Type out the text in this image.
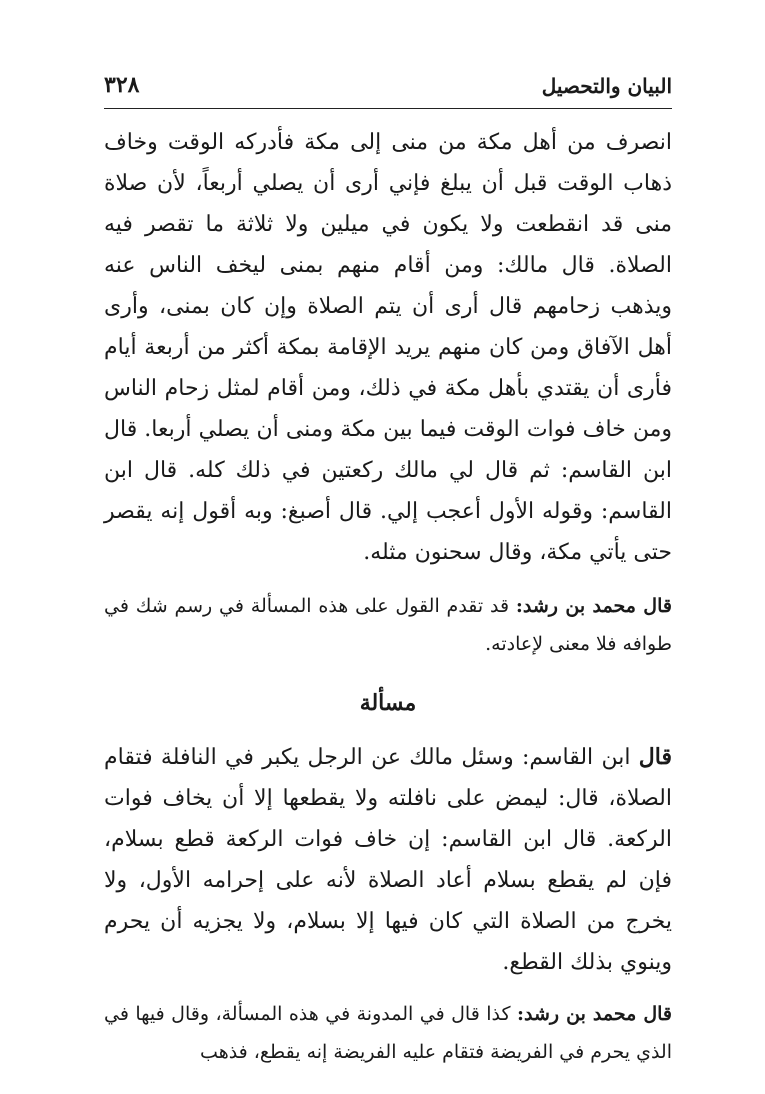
البيان والتحصيل
٣٢٨

انصرف من أهل مكة من منى إلى مكة فأدركه الوقت وخاف ذهاب الوقت قبل أن يبلغ فإني أرى أن يصلي أربعاً، لأن صلاة منى قد انقطعت ولا يكون في ميلين ولا ثلاثة ما تقصر فيه الصلاة. قال مالك: ومن أقام منهم بمنى ليخف الناس عنه ويذهب زحامهم قال أرى أن يتم الصلاة وإن كان بمنى، وأرى أهل الآفاق ومن كان منهم يريد الإقامة بمكة أكثر من أربعة أيام فأرى أن يقتدي بأهل مكة في ذلك، ومن أقام لمثل زحام الناس ومن خاف فوات الوقت فيما بين مكة ومنى أن يصلي أربعا. قال ابن القاسم: ثم قال لي مالك ركعتين في ذلك كله. قال ابن القاسم: وقوله الأول أعجب إلي. قال أصبغ: وبه أقول إنه يقصر حتى يأتي مكة، وقال سحنون مثله.

قال محمد بن رشد: قد تقدم القول على هذه المسألة في رسم شك في طوافه فلا معنى لإعادته.

مسألة

قال ابن القاسم: وسئل مالك عن الرجل يكبر في النافلة فتقام الصلاة، قال: ليمض على نافلته ولا يقطعها إلا أن يخاف فوات الركعة. قال ابن القاسم: إن خاف فوات الركعة قطع بسلام، فإن لم يقطع بسلام أعاد الصلاة لأنه على إحرامه الأول، ولا يخرج من الصلاة التي كان فيها إلا بسلام، ولا يجزيه أن يحرم وينوي بذلك القطع.

قال محمد بن رشد: كذا قال في المدونة في هذه المسألة، وقال فيها في الذي يحرم في الفريضة فتقام عليه الفريضة إنه يقطع، فذهب
